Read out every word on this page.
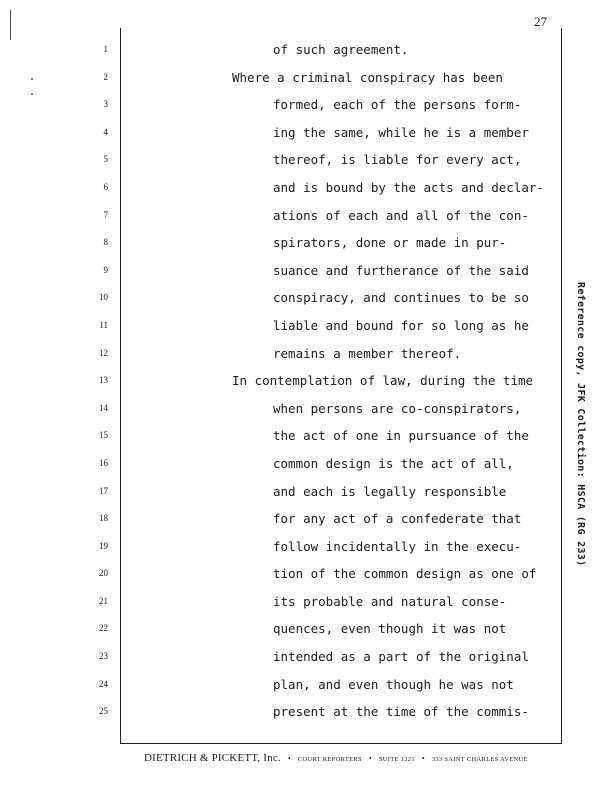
27
1	of such agreement.
2	Where a criminal conspiracy has been
3	formed, each of the persons form-
4	ing the same, while he is a member
5	thereof, is liable for every act,
6	and is bound by the acts and declar-
7	ations of each and all of the con-
8	spirators, done or made in pur-
9	suance and furtherance of the said
10	conspiracy, and continues to be so
11	liable and bound for so long as he
12	remains a member thereof.
13	In contemplation of law, during the time
14	when persons are co-conspirators,
15	the act of one in pursuance of the
16	common design is the act of all,
17	and each is legally responsible
18	for any act of a confederate that
19	follow incidentally in the execu-
20	tion of the common design as one of
21	its probable and natural conse-
22	quences, even though it was not
23	intended as a part of the original
24	plan, and even though he was not
25	present at the time of the commis-
Reference copy, JFK Collection: HSCA (RG 233)
DIETRICH & PICKETT, Inc. • COURT REPORTERS • SUITE 1221 • 333 SAINT CHARLES AVENUE
